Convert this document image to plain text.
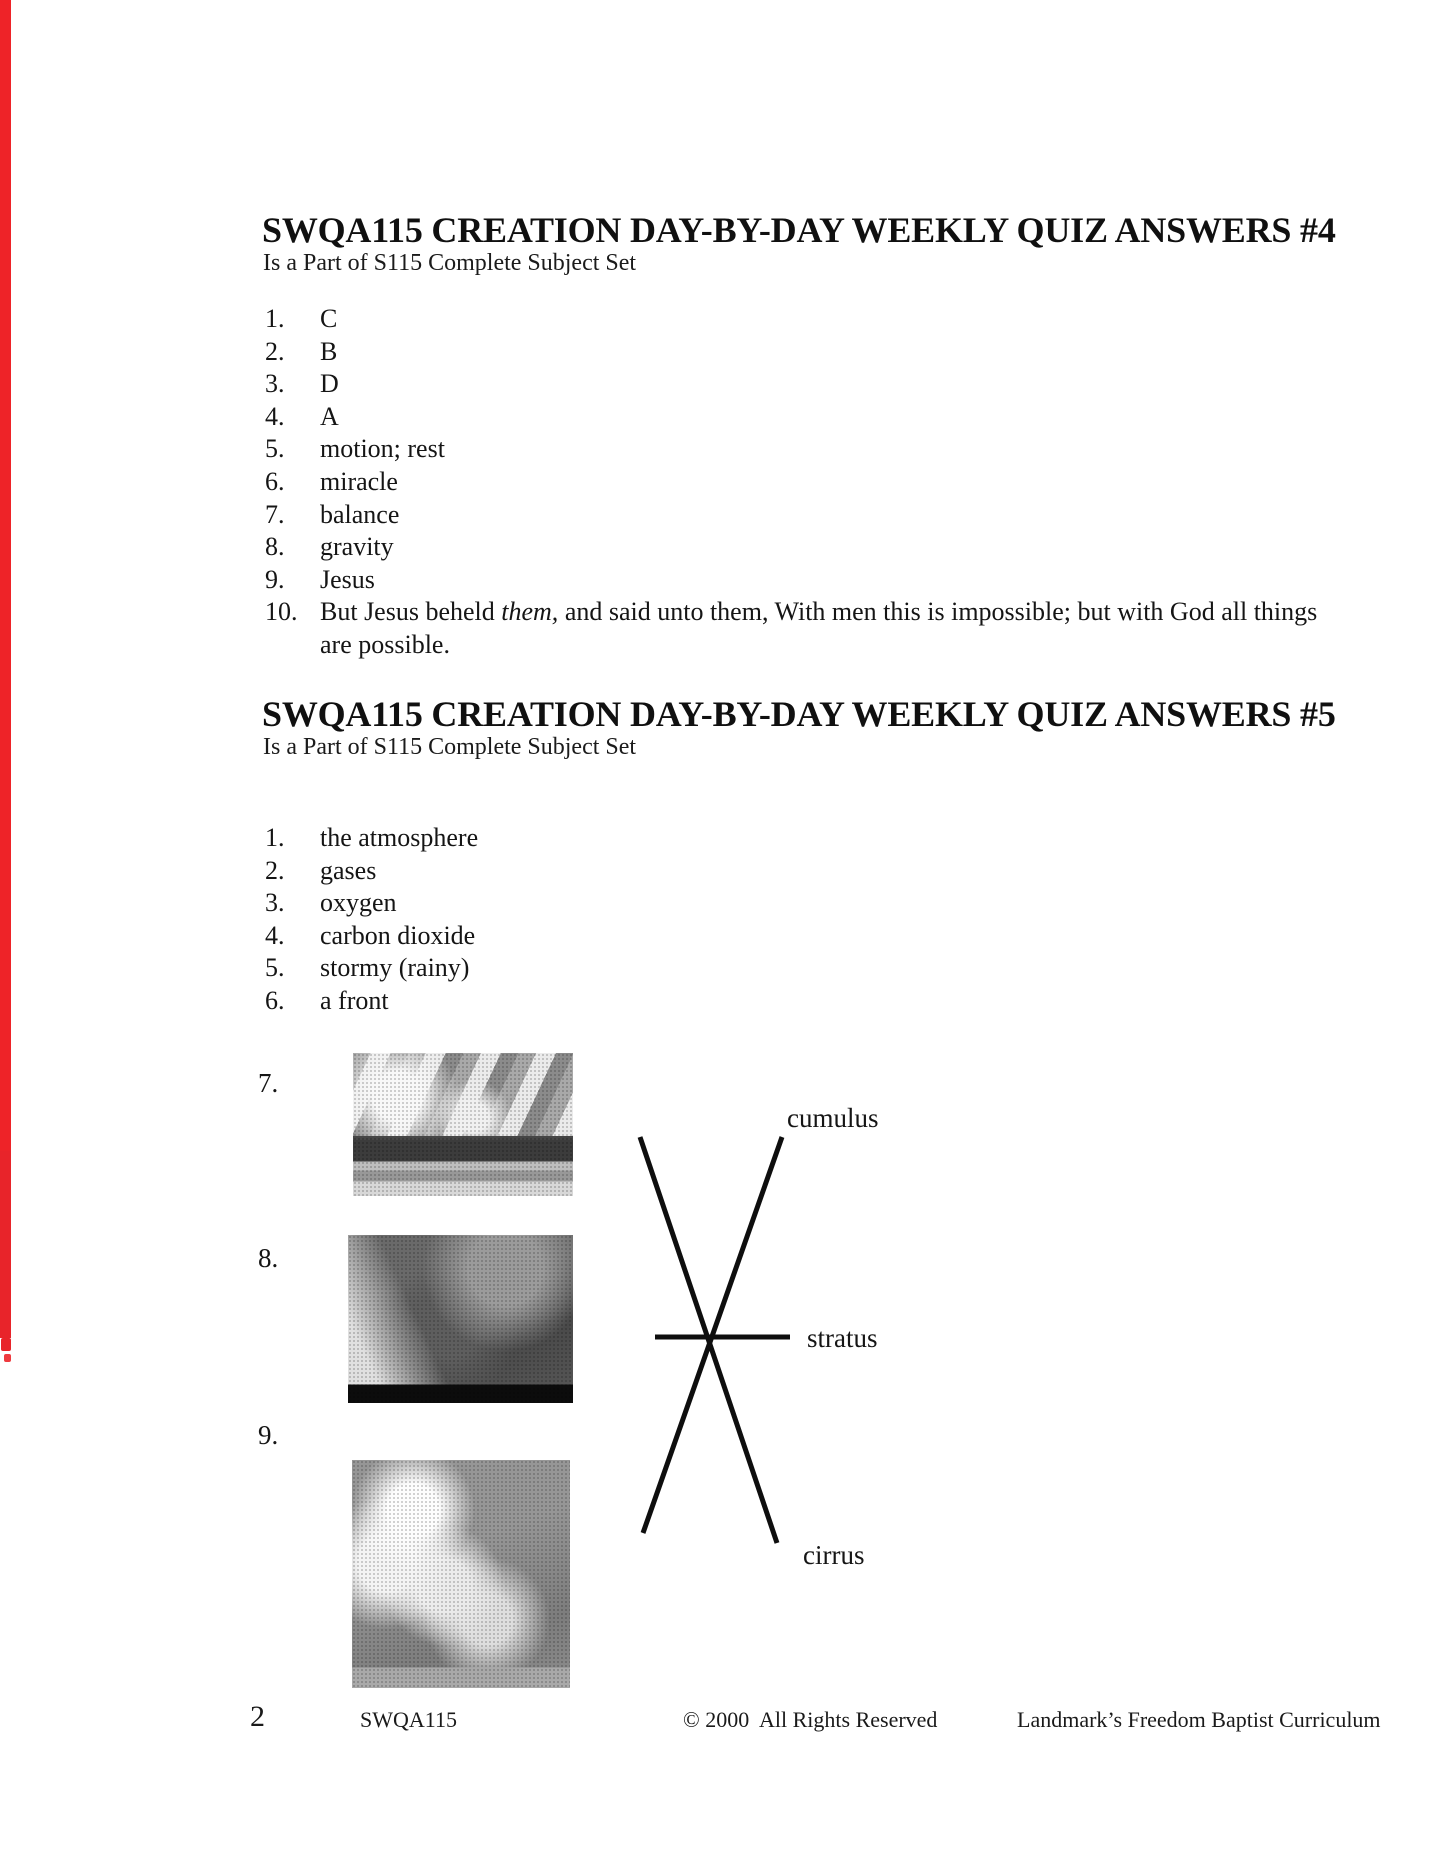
SWQA115 CREATION DAY-BY-DAY WEEKLY QUIZ ANSWERS #4
Is a Part of S115 Complete Subject Set
1.	C
2.	B
3.	D
4.	A
5.	motion; rest
6.	miracle
7.	balance
8.	gravity
9.	Jesus
10. But Jesus beheld them, and said unto them, With men this is impossible; but with God all things are possible.
SWQA115 CREATION DAY-BY-DAY WEEKLY QUIZ ANSWERS #5
Is a Part of S115 Complete Subject Set
1.	the atmosphere
2.	gases
3.	oxygen
4.	carbon dioxide
5.	stormy (rainy)
6.	a front
7.
8.
9.
cumulus
stratus
cirrus
2	SWQA115	© 2000  All Rights Reserved	Landmark’s Freedom Baptist Curriculum
